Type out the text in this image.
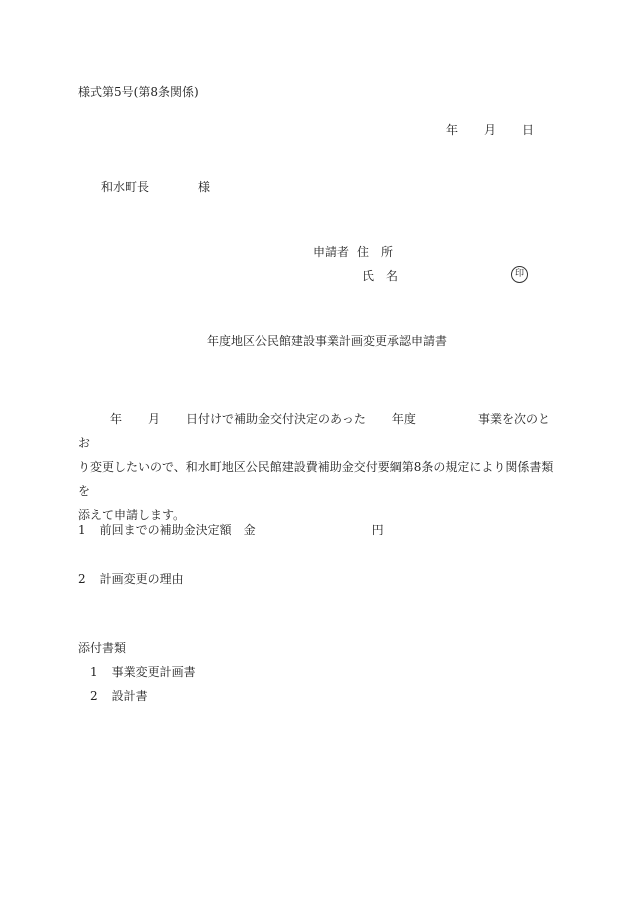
様式第5号(第8条関係)
年 月 日
和水町長	様
申請者 住　所
氏　名	印
年度地区公民館建設事業計画変更承認申請書
年 月 日付けで補助金交付決定のあった 年度	事業を次のとお
り変更したいので、和水町地区公民館建設費補助金交付要綱第8条の規定により関係書類を
添えて申請します。
1 前回までの補助金決定額 金	円
2 計画変更の理由
添付書類
1 事業変更計画書
2 設計書
